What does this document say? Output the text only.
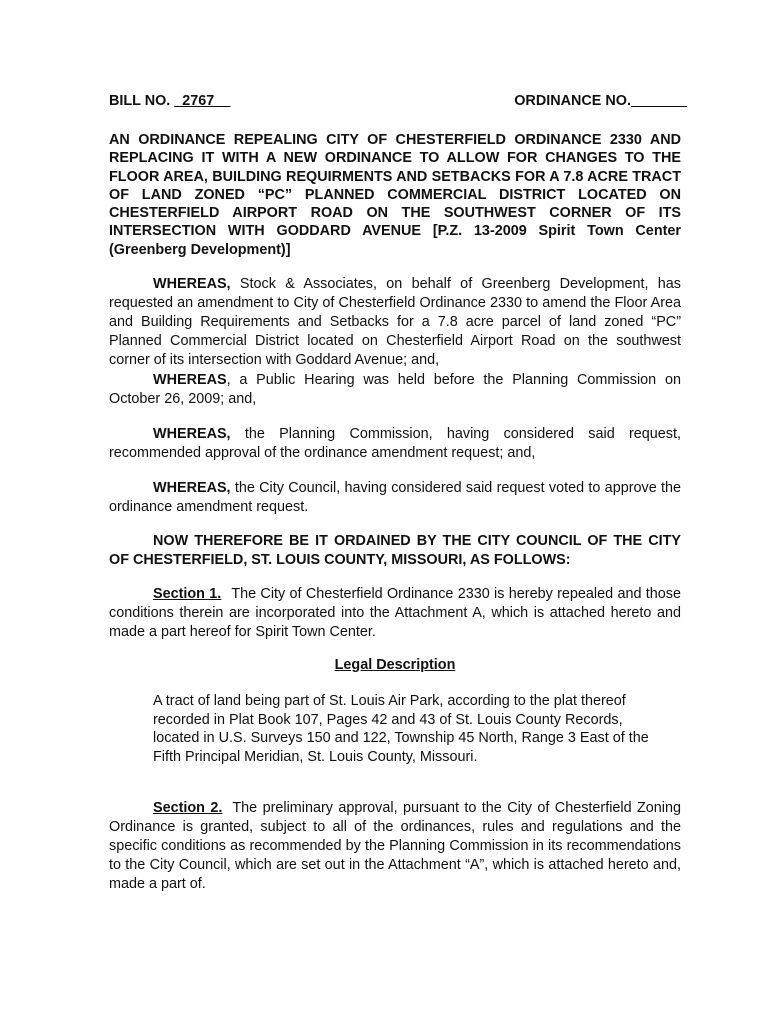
BILL NO. _2767__	ORDINANCE NO._______
AN ORDINANCE REPEALING CITY OF CHESTERFIELD ORDINANCE 2330 AND REPLACING IT WITH A NEW ORDINANCE TO ALLOW FOR CHANGES TO THE FLOOR AREA, BUILDING REQUIRMENTS AND SETBACKS FOR A 7.8 ACRE TRACT OF LAND ZONED “PC” PLANNED COMMERCIAL DISTRICT LOCATED ON CHESTERFIELD AIRPORT ROAD ON THE SOUTHWEST CORNER OF ITS INTERSECTION WITH GODDARD AVENUE [P.Z. 13-2009 Spirit Town Center (Greenberg Development)]
WHEREAS, Stock & Associates, on behalf of Greenberg Development, has requested an amendment to City of Chesterfield Ordinance 2330 to amend the Floor Area and Building Requirements and Setbacks for a 7.8 acre parcel of land zoned “PC” Planned Commercial District located on Chesterfield Airport Road on the southwest corner of its intersection with Goddard Avenue; and,
WHEREAS, a Public Hearing was held before the Planning Commission on October 26, 2009; and,
WHEREAS, the Planning Commission, having considered said request, recommended approval of the ordinance amendment request; and,
WHEREAS, the City Council, having considered said request voted to approve the ordinance amendment request.
NOW THEREFORE BE IT ORDAINED BY THE CITY COUNCIL OF THE CITY OF CHESTERFIELD, ST. LOUIS COUNTY, MISSOURI, AS FOLLOWS:
Section 1. The City of Chesterfield Ordinance 2330 is hereby repealed and those conditions therein are incorporated into the Attachment A, which is attached hereto and made a part hereof for Spirit Town Center.
Legal Description
A tract of land being part of St. Louis Air Park, according to the plat thereof recorded in Plat Book 107, Pages 42 and 43 of St. Louis County Records, located in U.S. Surveys 150 and 122, Township 45 North, Range 3 East of the Fifth Principal Meridian, St. Louis County, Missouri.
Section 2. The preliminary approval, pursuant to the City of Chesterfield Zoning Ordinance is granted, subject to all of the ordinances, rules and regulations and the specific conditions as recommended by the Planning Commission in its recommendations to the City Council, which are set out in the Attachment “A”, which is attached hereto and, made a part of.
